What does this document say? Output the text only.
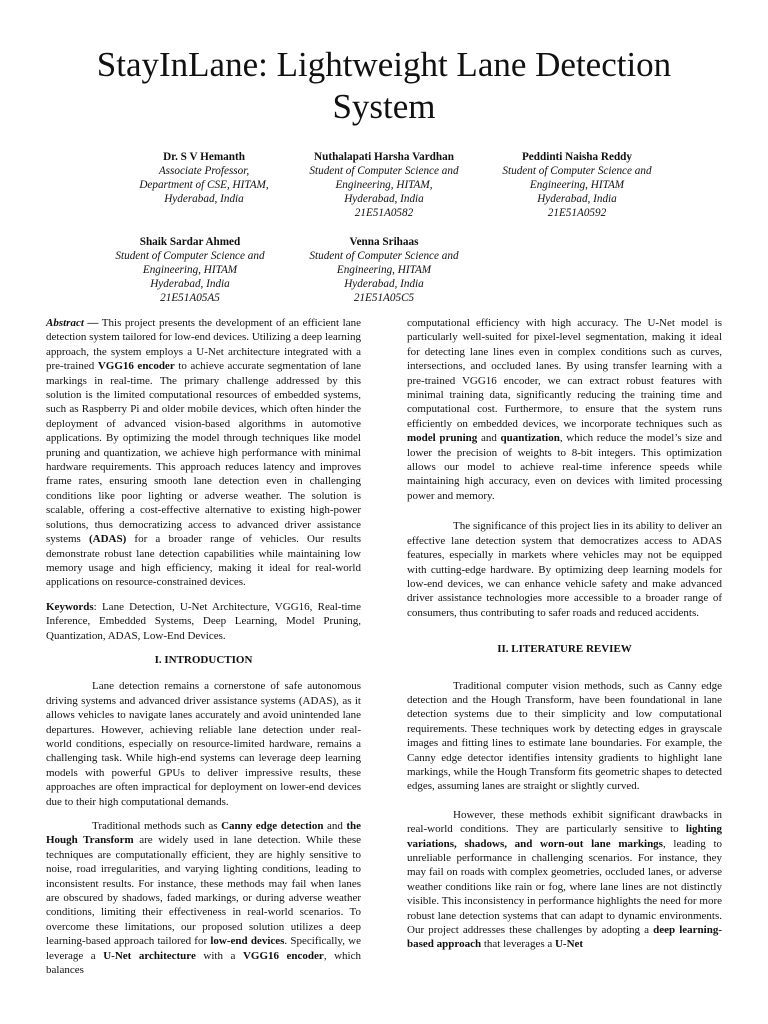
StayInLane: Lightweight Lane Detection System
Dr. S V Hemanth
Associate Professor,
Department of CSE, HITAM,
Hyderabad, India
Nuthalapati Harsha Vardhan
Student of Computer Science and
Engineering, HITAM,
Hyderabad, India
21E51A0582
Peddinti Naisha Reddy
Student of Computer Science and
Engineering, HITAM
Hyderabad, India
21E51A0592
Shaik Sardar Ahmed
Student of Computer Science and
Engineering, HITAM
Hyderabad, India
21E51A05A5
Venna Srihaas
Student of Computer Science and
Engineering, HITAM
Hyderabad, India
21E51A05C5

Abstract — This project presents the development of an efficient lane detection system tailored for low-end devices. Utilizing a deep learning approach, the system employs a U-Net architecture integrated with a pre-trained VGG16 encoder to achieve accurate segmentation of lane markings in real-time. The primary challenge addressed by this solution is the limited computational resources of embedded systems, such as Raspberry Pi and older mobile devices, which often hinder the deployment of advanced vision-based algorithms in automotive applications. By optimizing the model through techniques like model pruning and quantization, we achieve high performance with minimal hardware requirements. This approach reduces latency and improves frame rates, ensuring smooth lane detection even in challenging conditions like poor lighting or adverse weather. The solution is scalable, offering a cost-effective alternative to existing high-power solutions, thus democratizing access to advanced driver assistance systems (ADAS) for a broader range of vehicles. Our results demonstrate robust lane detection capabilities while maintaining low memory usage and high efficiency, making it ideal for real-world applications on resource-constrained devices.

Keywords: Lane Detection, U-Net Architecture, VGG16, Real-time Inference, Embedded Systems, Deep Learning, Model Pruning, Quantization, ADAS, Low-End Devices.

I. INTRODUCTION

Lane detection remains a cornerstone of safe autonomous driving systems and advanced driver assistance systems (ADAS), as it allows vehicles to navigate lanes accurately and avoid unintended lane departures. However, achieving reliable lane detection under real-world conditions, especially on resource-limited hardware, remains a challenging task. While high-end systems can leverage deep learning models with powerful GPUs to deliver impressive results, these approaches are often impractical for deployment on lower-end devices due to their high computational demands.

Traditional methods such as Canny edge detection and the Hough Transform are widely used in lane detection. While these techniques are computationally efficient, they are highly sensitive to noise, road irregularities, and varying lighting conditions, leading to inconsistent results. For instance, these methods may fail when lanes are obscured by shadows, faded markings, or during adverse weather conditions, limiting their effectiveness in real-world scenarios. To overcome these limitations, our proposed solution utilizes a deep learning-based approach tailored for low-end devices. Specifically, we leverage a U-Net architecture with a VGG16 encoder, which balances

computational efficiency with high accuracy. The U-Net model is particularly well-suited for pixel-level segmentation, making it ideal for detecting lane lines even in complex conditions such as curves, intersections, and occluded lanes. By using transfer learning with a pre-trained VGG16 encoder, we can extract robust features with minimal training data, significantly reducing the training time and computational cost. Furthermore, to ensure that the system runs efficiently on embedded devices, we incorporate techniques such as model pruning and quantization, which reduce the model’s size and lower the precision of weights to 8-bit integers. This optimization allows our model to achieve real-time inference speeds while maintaining high accuracy, even on devices with limited processing power and memory.

The significance of this project lies in its ability to deliver an effective lane detection system that democratizes access to ADAS features, especially in markets where vehicles may not be equipped with cutting-edge hardware. By optimizing deep learning models for low-end devices, we can enhance vehicle safety and make advanced driver assistance technologies more accessible to a broader range of consumers, thus contributing to safer roads and reduced accidents.

II. LITERATURE REVIEW

Traditional computer vision methods, such as Canny edge detection and the Hough Transform, have been foundational in lane detection systems due to their simplicity and low computational requirements. These techniques work by detecting edges in grayscale images and fitting lines to estimate lane boundaries. For example, the Canny edge detector identifies intensity gradients to highlight lane markings, while the Hough Transform fits geometric shapes to detected edges, assuming lanes are straight or slightly curved.

However, these methods exhibit significant drawbacks in real-world conditions. They are particularly sensitive to lighting variations, shadows, and worn-out lane markings, leading to unreliable performance in challenging scenarios. For instance, they may fail on roads with complex geometries, occluded lanes, or adverse weather conditions like rain or fog, where lane lines are not distinctly visible. This inconsistency in performance highlights the need for more robust lane detection systems that can adapt to dynamic environments. Our project addresses these challenges by adopting a deep learning-based approach that leverages a U-Net
